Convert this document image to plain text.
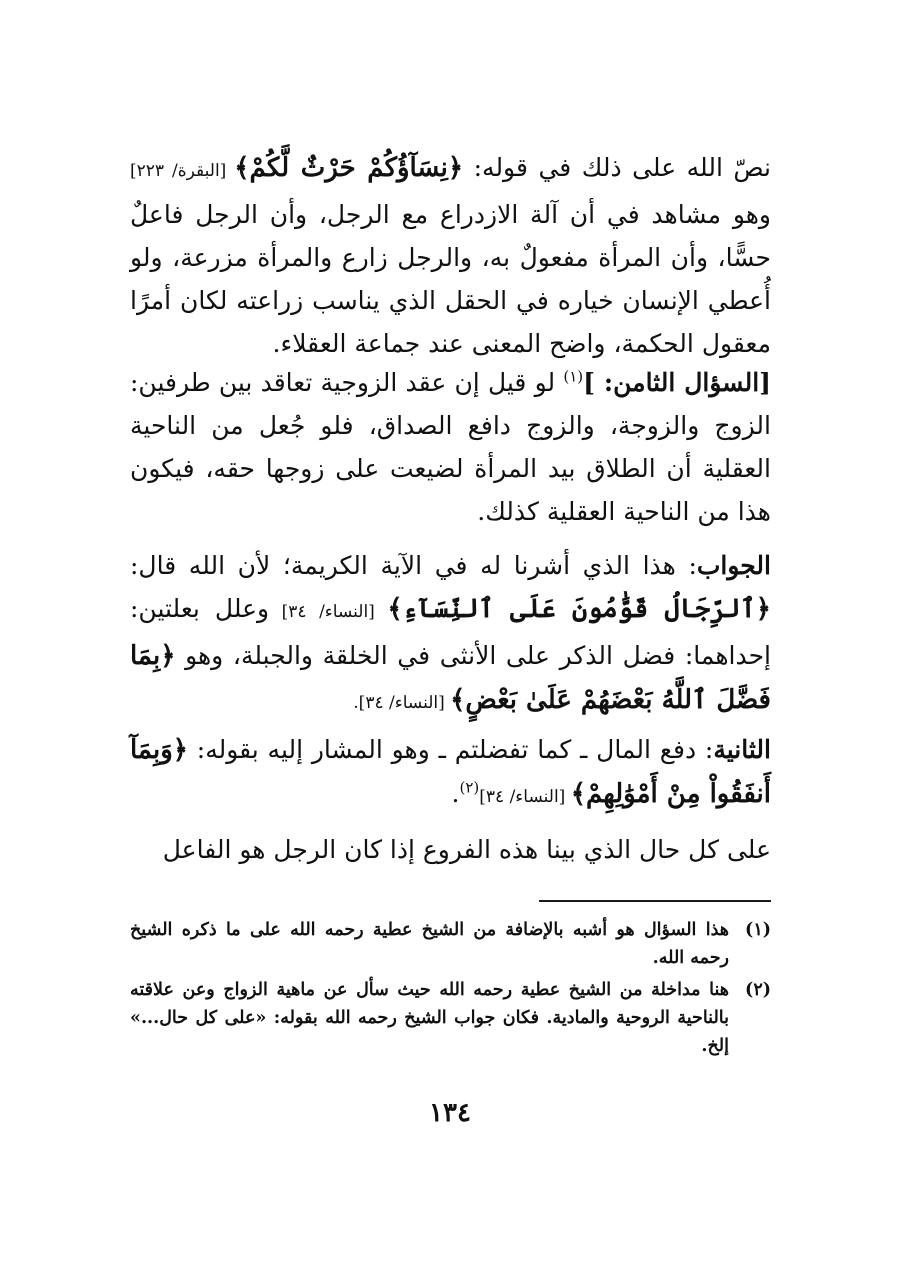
نصّ الله على ذلك في قوله: ﴿نِسَآؤُكُمْ حَرْثٌ لَّكُمْ﴾ [البقرة/ ٢٢٣] وهو مشاهد في أن آلة الازدراع مع الرجل، وأن الرجل فاعلٌ حسًّا، وأن المرأة مفعولٌ به، والرجل زارع والمرأة مزرعة، ولو أُعطي الإنسان خياره في الحقل الذي يناسب زراعته لكان أمرًا معقول الحكمة، واضح المعنى عند جماعة العقلاء.

[السؤال الثامن: ]$^{(١)}$ لو قيل إن عقد الزوجية تعاقد بين طرفين: الزوج والزوجة، والزوج دافع الصداق، فلو جُعل من الناحية العقلية أن الطلاق بيد المرأة لضيعت على زوجها حقه، فيكون هذا من الناحية العقلية كذلك.

الجواب: هذا الذي أشرنا له في الآية الكريمة؛ لأن الله قال: ﴿ٱلرِّجَالُ قَوَّٰمُونَ عَلَى ٱلنِّسَآءِ﴾ [النساء/ ٣٤] وعلل بعلتين: إحداهما: فضل الذكر على الأنثى في الخلقة والجبلة، وهو ﴿بِمَا فَضَّلَ ٱللَّهُ بَعْضَهُمْ عَلَىٰ بَعْضٍ﴾ [النساء/ ٣٤].

الثانية: دفع المال ـ كما تفضلتم ـ وهو المشار إليه بقوله: ﴿وَبِمَآ أَنفَقُواْ مِنْ أَمْوَٰلِهِمْ﴾ [النساء/ ٣٤]$^{(٢)}$.

على كل حال الذي بينا هذه الفروع إذا كان الرجل هو الفاعل

(١)
هذا السؤال هو أشبه بالإضافة من الشيخ عطية رحمه الله على ما ذكره الشيخ رحمه الله.
(٢)
هنا مداخلة من الشيخ عطية رحمه الله حيث سأل عن ماهية الزواج وعن علاقته بالناحية الروحية والمادية. فكان جواب الشيخ رحمه الله بقوله: «على كل حال...» إلخ.
١٣٤
